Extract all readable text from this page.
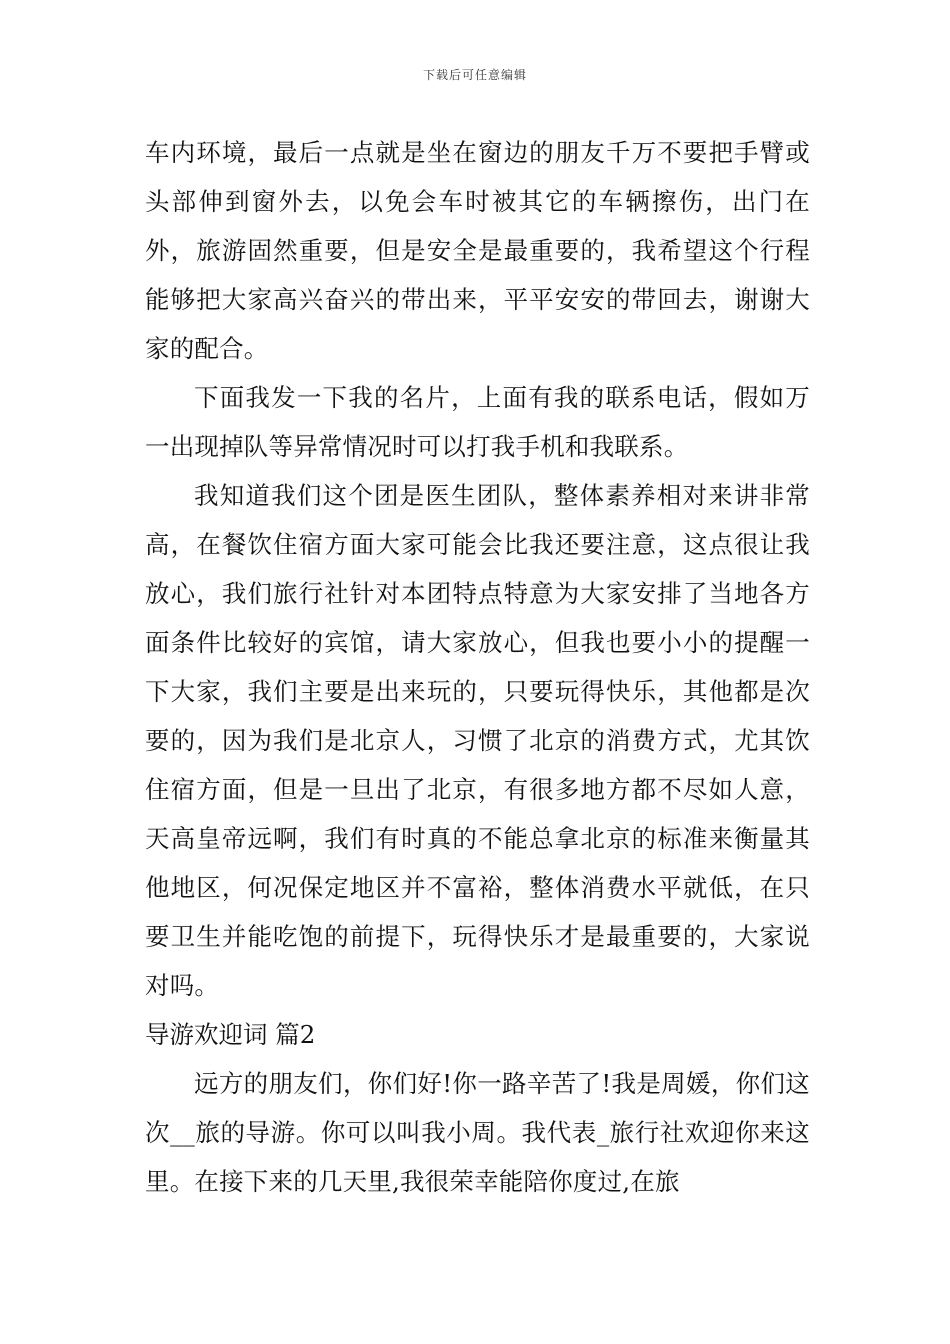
下载后可任意编辑

车内环境，最后一点就是坐在窗边的朋友千万不要把手臂或头部伸到窗外去，以免会车时被其它的车辆擦伤，出门在外，旅游固然重要，但是安全是最重要的，我希望这个行程能够把大家高兴奋兴的带出来，平平安安的带回去，谢谢大家的配合。

下面我发一下我的名片，上面有我的联系电话，假如万一出现掉队等异常情况时可以打我手机和我联系。

我知道我们这个团是医生团队，整体素养相对来讲非常高，在餐饮住宿方面大家可能会比我还要注意，这点很让我放心，我们旅行社针对本团特点特意为大家安排了当地各方面条件比较好的宾馆，请大家放心，但我也要小小的提醒一下大家，我们主要是出来玩的，只要玩得快乐，其他都是次要的，因为我们是北京人，习惯了北京的消费方式，尤其饮住宿方面，但是一旦出了北京，有很多地方都不尽如人意，天高皇帝远啊，我们有时真的不能总拿北京的标准来衡量其他地区，何况保定地区并不富裕，整体消费水平就低，在只要卫生并能吃饱的前提下，玩得快乐才是最重要的，大家说对吗。

导游欢迎词 篇2

远方的朋友们，你们好!你一路辛苦了!我是周媛，你们这次__旅的导游。你可以叫我小周。我代表_旅行社欢迎你来这里。在接下来的几天里,我很荣幸能陪你度过,在旅
